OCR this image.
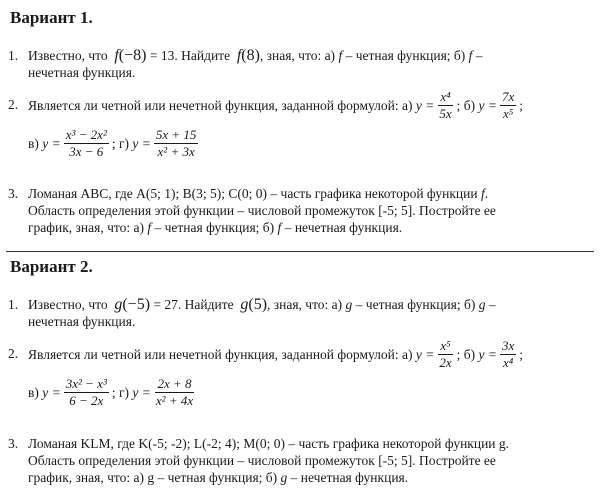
Вариант 1.
1. Известно, что f(−8) = 13. Найдите f(8), зная, что: а) f – четная функция; б) f –
нечетная функция.
2. Является ли четной или нечетной функция, заданной формулой: а)
$y = \frac{\text{x⁴}}{5x}$ ; б)
$y = \frac{7x}{\text{x⁵}}$ ;
в)
$y = \frac{\text{x³ − 2x²}}{3x - 6}$ ; г)
$y = \frac{5x + 15}{\text{x² + 3x}}$
3. Ломаная ABC, где A(5; 1); B(3; 5); C(0; 0) – часть графика некоторой функции f.
Область определения этой функции – числовой промежуток [-5; 5]. Постройте ее
график, зная, что: а) f – четная функция; б) f – нечетная функция.
Вариант 2.
1. Известно, что g(−5) = 27. Найдите g(5), зная, что: а) g – четная функция; б) g –
нечетная функция.
2. Является ли четной или нечетной функция, заданной формулой: а)
$y = \frac{\text{x⁵}}{2x}$ ; б)
$y = \frac{3x}{\text{x⁴}}$ ;
в)
$y = \frac{\text{3x² − x³}}{6 - 2x}$ ; г)
$y = \frac{2x + 8}{\text{x² + 4x}}$
3. Ломаная KLM, где K(-5; -2); L(-2; 4); M(0; 0) – часть графика некоторой функции g.
Область определения этой функции – числовой промежуток [-5; 5]. Постройте ее
график, зная, что: а) g – четная функция; б) g – нечетная функция.
